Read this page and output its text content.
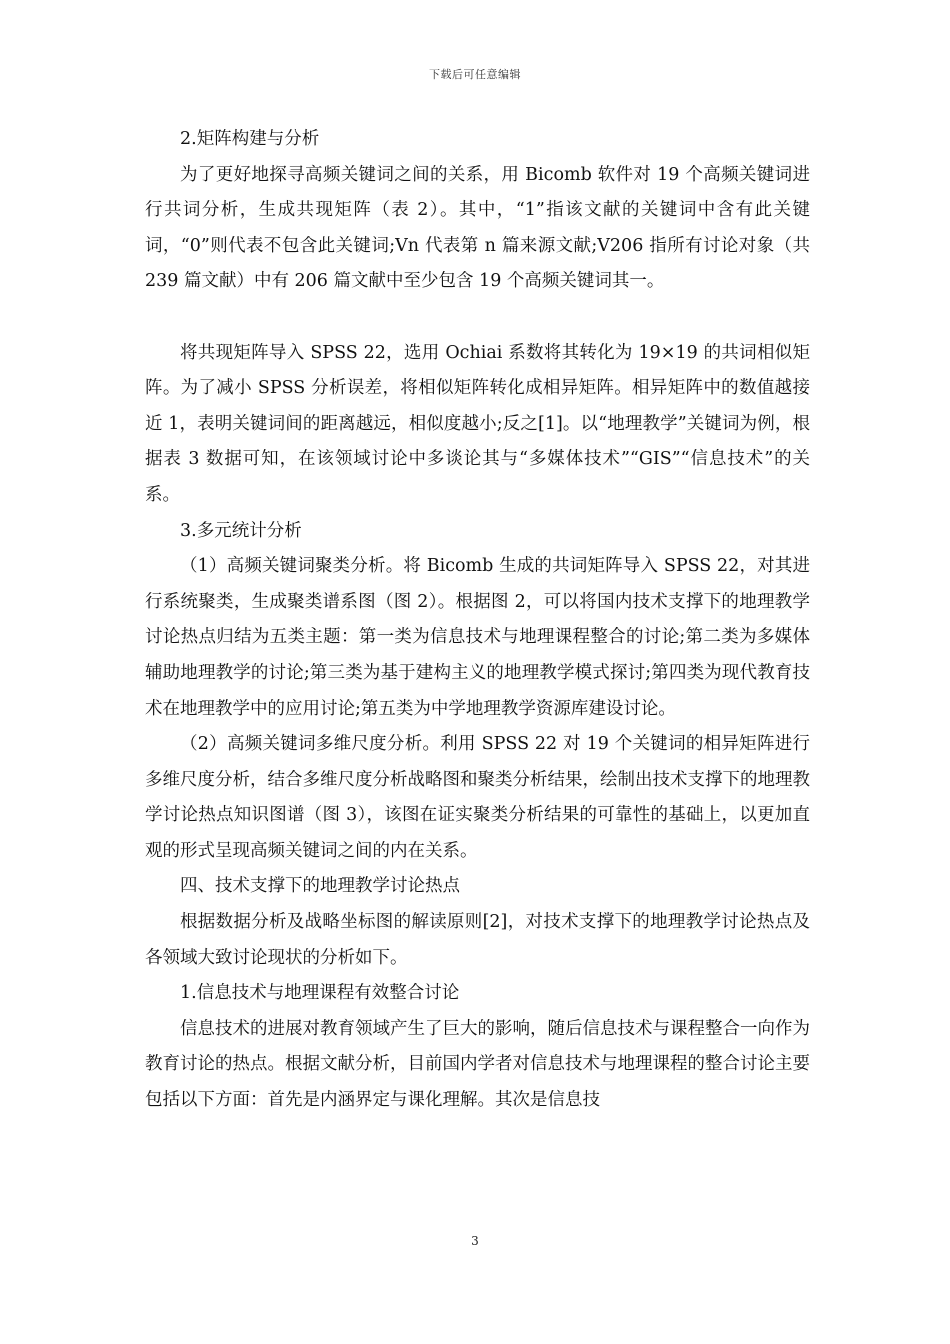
下载后可任意编辑

2.矩阵构建与分析

为了更好地探寻高频关键词之间的关系，用 Bicomb 软件对 19 个高频关键词进行共词分析，生成共现矩阵（表 2）。其中，“1”指该文献的关键词中含有此关键词，“0”则代表不包含此关键词;Vn 代表第 n 篇来源文献;V206 指所有讨论对象（共 239 篇文献）中有 206 篇文献中至少包含 19 个高频关键词其一。

将共现矩阵导入 SPSS 22，选用 Ochiai 系数将其转化为 19×19 的共词相似矩阵。为了减小 SPSS 分析误差，将相似矩阵转化成相异矩阵。相异矩阵中的数值越接近 1，表明关键词间的距离越远，相似度越小;反之[1]。以“地理教学”关键词为例，根据表 3 数据可知，在该领域讨论中多谈论其与“多媒体技术”“GIS”“信息技术”的关系。

3.多元统计分析

（1）高频关键词聚类分析。将 Bicomb 生成的共词矩阵导入 SPSS 22，对其进行系统聚类，生成聚类谱系图（图 2）。根据图 2，可以将国内技术支撑下的地理教学讨论热点归结为五类主题：第一类为信息技术与地理课程整合的讨论;第二类为多媒体辅助地理教学的讨论;第三类为基于建构主义的地理教学模式探讨;第四类为现代教育技术在地理教学中的应用讨论;第五类为中学地理教学资源库建设讨论。

（2）高频关键词多维尺度分析。利用 SPSS 22 对 19 个关键词的相异矩阵进行多维尺度分析，结合多维尺度分析战略图和聚类分析结果，绘制出技术支撑下的地理教学讨论热点知识图谱（图 3），该图在证实聚类分析结果的可靠性的基础上，以更加直观的形式呈现高频关键词之间的内在关系。

四、技术支撑下的地理教学讨论热点

根据数据分析及战略坐标图的解读原则[2]，对技术支撑下的地理教学讨论热点及各领域大致讨论现状的分析如下。

1.信息技术与地理课程有效整合讨论

信息技术的进展对教育领域产生了巨大的影响，随后信息技术与课程整合一向作为教育讨论的热点。根据文献分析，目前国内学者对信息技术与地理课程的整合讨论主要包括以下方面：首先是内涵界定与课化理解。其次是信息技

3
